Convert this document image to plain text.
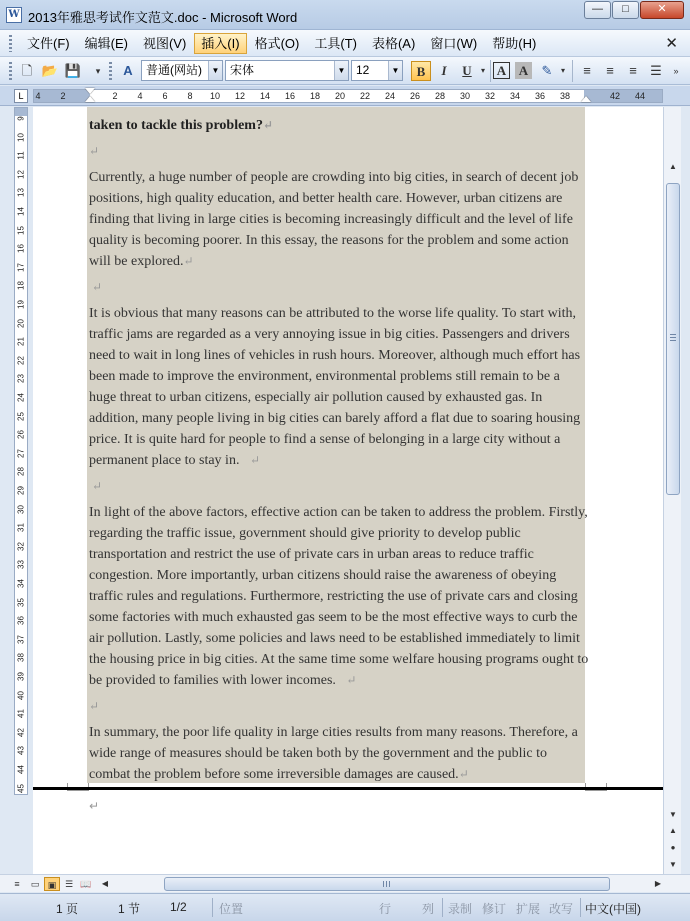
W 2013年雅思考试作文范文.doc - Microsoft Word
—	□	✕
文件(F)	编辑(E)	视图(V)	插入(I)	格式(O)	工具(T)	表格(A)	窗口(W)	帮助(H)	✕
🗋 📂 💾	▾	A	普通(网站)	▼ 宋体	▼ 12	▼	B	I	U	▾ A A	✎	▾	≡	≡	≡	☰	»
L	4 2	2 4 6 8 10 12 14 16 18 20 22 24 26 28 30 32 34 36 38	42 44
9
10
11
12
13
14
15
16
17
18
19
20
21
22
23
24
25
26
27
28
29
30
31
32
33
34
35
36
37
38
39
40
41
42
43
44
45

taken to tackle this problem?↵

↵

Currently, a huge number of people are crowding into big cities, in search of decent job positions, high quality education, and better health care. However, urban citizens are finding that living in large cities is becoming increasingly difficult and the level of life quality is becoming poorer. In this essay, the reasons for the problem and some action will be explored.↵

↵

It is obvious that many reasons can be attributed to the worse life quality. To start with, traffic jams are regarded as a very annoying issue in big cities. Passengers and drivers need to wait in long lines of vehicles in rush hours. Moreover, although much effort has been made to improve the environment, environmental problems still remain to be a huge threat to urban citizens, especially air pollution caused by exhausted gas. In addition, many people living in big cities can barely afford a flat due to soaring housing price. It is quite hard for people to find a sense of belonging in a large city without a permanent place to stay in. ↵

↵

In light of the above factors, effective action can be taken to address the problem. Firstly, regarding the traffic issue, government should give priority to develop public transportation and restrict the use of private cars in urban areas to reduce traffic congestion. More importantly, urban citizens should raise the awareness of obeying traffic rules and regulations. Furthermore, restricting the use of private cars and closing some factories with much exhausted gas seem to be the most effective ways to curb the air pollution. Lastly, some policies and laws need to be established immediately to limit the housing price in big cities. At the same time some welfare housing programs ought to be provided to families with lower incomes. ↵

↵

In summary, the poor life quality in large cities results from many reasons. Therefore, a wide range of measures should be taken both by the government and the public to combat the problem before some irreversible damages are caused.↵

↵
▲
▼
▲
●
▼
≡	▭ ▣ ☰ 📖	◀	▶
1 页	1 节 1/2	位置	行	列 录制 修订 扩展 改写 中文(中国)
